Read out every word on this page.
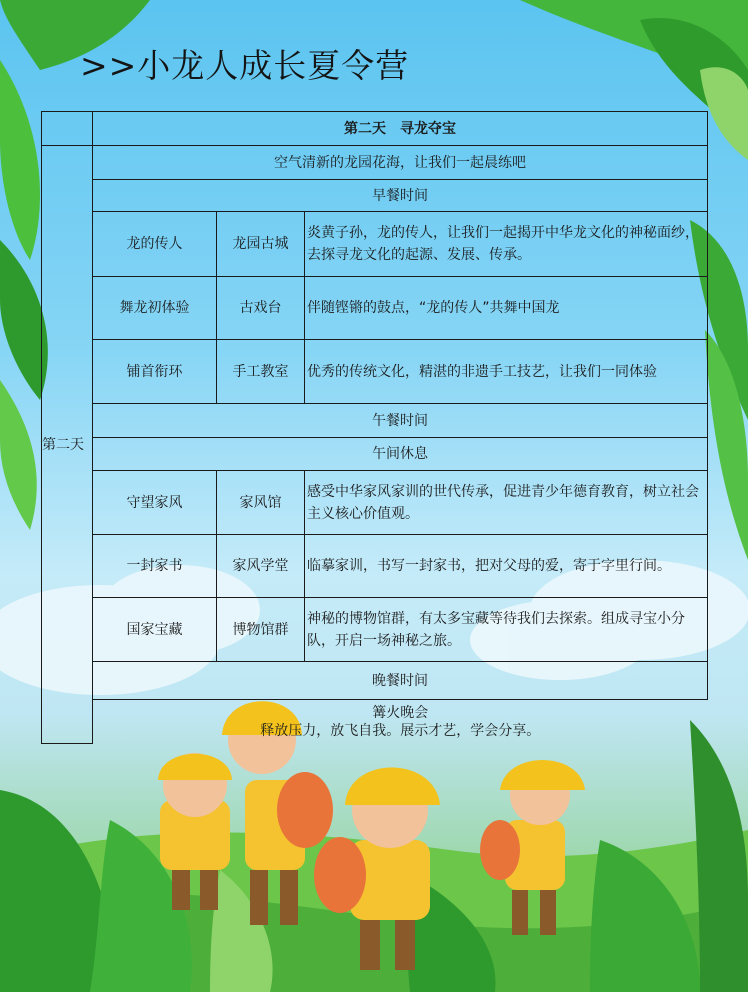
>>小龙人成长夏令营
	第二天　寻龙夺宝		
第二天	空气清新的龙园花海，让我们一起晨练吧		
	早餐时间		
	龙的传人	龙园古城	炎黄子孙，龙的传人，让我们一起揭开中华龙文化的神秘面纱，去探寻龙文化的起源、发展、传承。
	舞龙初体验	古戏台	伴随铿锵的鼓点，“龙的传人”共舞中国龙
	铺首衔环	手工教室	优秀的传统文化，精湛的非遗手工技艺，让我们一同体验
	午餐时间		
	午间休息		
	守望家风	家风馆	感受中华家风家训的世代传承，促进青少年德育教育，树立社会主义核心价值观。
	一封家书	家风学堂	临摹家训，书写一封家书，把对父母的爱，寄于字里行间。
	国家宝藏	博物馆群	神秘的博物馆群，有太多宝藏等待我们去探索。组成寻宝小分队，开启一场神秘之旅。
	晚餐时间		

	篝火晚会
释放压力，放飞自我。展示才艺，学会分享。		
